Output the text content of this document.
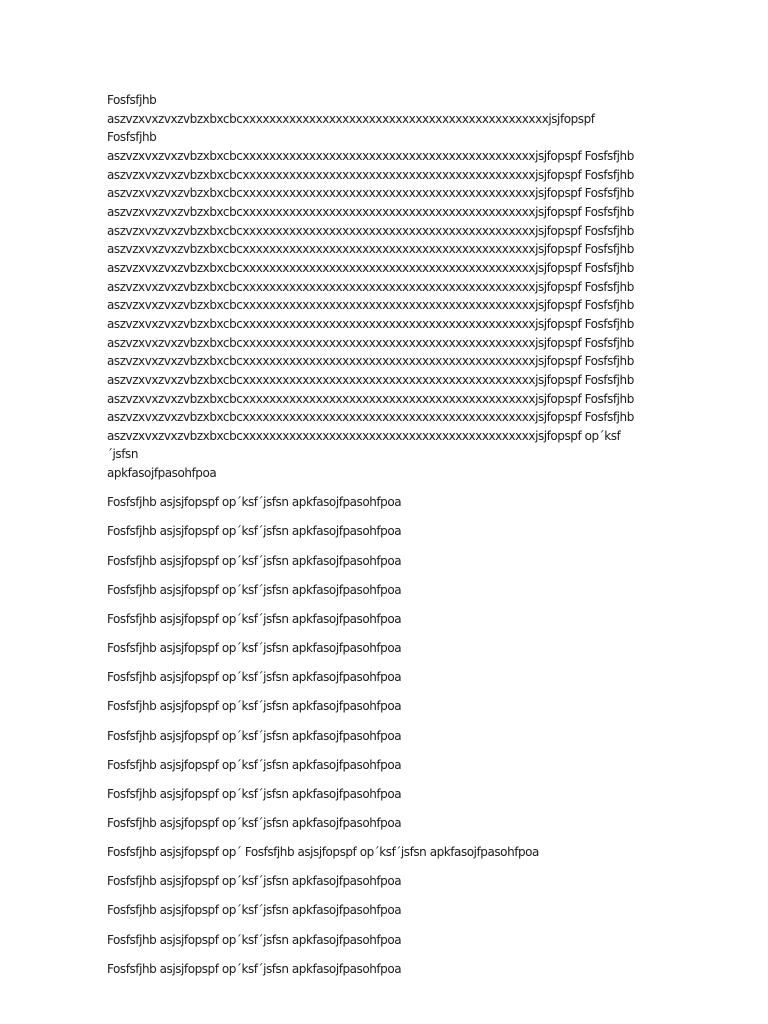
Fosfsfjhb aszvzxvxzvxzvbzxbxcbcxxxxxxxxxxxxxxxxxxxxxxxxxxxxxxxxxxxxxxxxxxxxxxjsjfopspf Fosfsfjhb
aszvzxvxzvxzvbzxbxcbcxxxxxxxxxxxxxxxxxxxxxxxxxxxxxxxxxxxxxxxxxxxxjsjfopspf Fosfsfjhb
aszvzxvxzvxzvbzxbxcbcxxxxxxxxxxxxxxxxxxxxxxxxxxxxxxxxxxxxxxxxxxxxjsjfopspf Fosfsfjhb
aszvzxvxzvxzvbzxbxcbcxxxxxxxxxxxxxxxxxxxxxxxxxxxxxxxxxxxxxxxxxxxxjsjfopspf Fosfsfjhb
aszvzxvxzvxzvbzxbxcbcxxxxxxxxxxxxxxxxxxxxxxxxxxxxxxxxxxxxxxxxxxxxjsjfopspf Fosfsfjhb
aszvzxvxzvxzvbzxbxcbcxxxxxxxxxxxxxxxxxxxxxxxxxxxxxxxxxxxxxxxxxxxxjsjfopspf Fosfsfjhb
aszvzxvxzvxzvbzxbxcbcxxxxxxxxxxxxxxxxxxxxxxxxxxxxxxxxxxxxxxxxxxxxjsjfopspf Fosfsfjhb
aszvzxvxzvxzvbzxbxcbcxxxxxxxxxxxxxxxxxxxxxxxxxxxxxxxxxxxxxxxxxxxxjsjfopspf Fosfsfjhb
aszvzxvxzvxzvbzxbxcbcxxxxxxxxxxxxxxxxxxxxxxxxxxxxxxxxxxxxxxxxxxxxjsjfopspf Fosfsfjhb
aszvzxvxzvxzvbzxbxcbcxxxxxxxxxxxxxxxxxxxxxxxxxxxxxxxxxxxxxxxxxxxxjsjfopspf Fosfsfjhb
aszvzxvxzvxzvbzxbxcbcxxxxxxxxxxxxxxxxxxxxxxxxxxxxxxxxxxxxxxxxxxxxjsjfopspf Fosfsfjhb
aszvzxvxzvxzvbzxbxcbcxxxxxxxxxxxxxxxxxxxxxxxxxxxxxxxxxxxxxxxxxxxxjsjfopspf Fosfsfjhb
aszvzxvxzvxzvbzxbxcbcxxxxxxxxxxxxxxxxxxxxxxxxxxxxxxxxxxxxxxxxxxxxjsjfopspf Fosfsfjhb
aszvzxvxzvxzvbzxbxcbcxxxxxxxxxxxxxxxxxxxxxxxxxxxxxxxxxxxxxxxxxxxxjsjfopspf Fosfsfjhb
aszvzxvxzvxzvbzxbxcbcxxxxxxxxxxxxxxxxxxxxxxxxxxxxxxxxxxxxxxxxxxxxjsjfopspf Fosfsfjhb
aszvzxvxzvxzvbzxbxcbcxxxxxxxxxxxxxxxxxxxxxxxxxxxxxxxxxxxxxxxxxxxxjsjfopspf Fosfsfjhb
aszvzxvxzvxzvbzxbxcbcxxxxxxxxxxxxxxxxxxxxxxxxxxxxxxxxxxxxxxxxxxxxjsjfopspf op´ksf´jsfsn
apkfasojfpasohfpoa

Fosfsfjhb asjsjfopspf op´ksf´jsfsn apkfasojfpasohfpoa

Fosfsfjhb asjsjfopspf op´ksf´jsfsn apkfasojfpasohfpoa

Fosfsfjhb asjsjfopspf op´ksf´jsfsn apkfasojfpasohfpoa

Fosfsfjhb asjsjfopspf op´ksf´jsfsn apkfasojfpasohfpoa

Fosfsfjhb asjsjfopspf op´ksf´jsfsn apkfasojfpasohfpoa

Fosfsfjhb asjsjfopspf op´ksf´jsfsn apkfasojfpasohfpoa

Fosfsfjhb asjsjfopspf op´ksf´jsfsn apkfasojfpasohfpoa

Fosfsfjhb asjsjfopspf op´ksf´jsfsn apkfasojfpasohfpoa

Fosfsfjhb asjsjfopspf op´ksf´jsfsn apkfasojfpasohfpoa

Fosfsfjhb asjsjfopspf op´ksf´jsfsn apkfasojfpasohfpoa

Fosfsfjhb asjsjfopspf op´ksf´jsfsn apkfasojfpasohfpoa

Fosfsfjhb asjsjfopspf op´ksf´jsfsn apkfasojfpasohfpoa

Fosfsfjhb asjsjfopspf op´ Fosfsfjhb asjsjfopspf op´ksf´jsfsn apkfasojfpasohfpoa

Fosfsfjhb asjsjfopspf op´ksf´jsfsn apkfasojfpasohfpoa

Fosfsfjhb asjsjfopspf op´ksf´jsfsn apkfasojfpasohfpoa

Fosfsfjhb asjsjfopspf op´ksf´jsfsn apkfasojfpasohfpoa

Fosfsfjhb asjsjfopspf op´ksf´jsfsn apkfasojfpasohfpoa
